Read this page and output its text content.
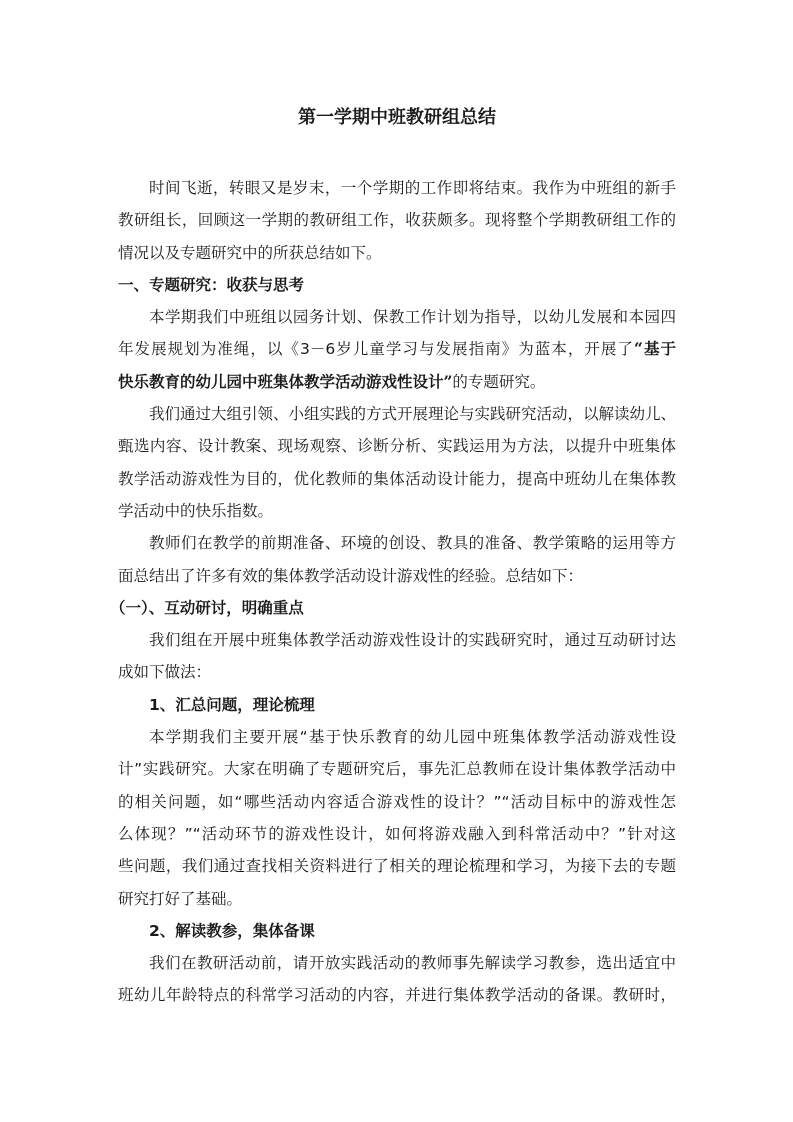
第一学期中班教研组总结
时间飞逝，转眼又是岁末，一个学期的工作即将结束。我作为中班组的新手
教研组长，回顾这一学期的教研组工作，收获颇多。现将整个学期教研组工作的
情况以及专题研究中的所获总结如下。
一、专题研究：收获与思考
本学期我们中班组以园务计划、保教工作计划为指导，以幼儿发展和本园四
年发展规划为准绳，以《3－6岁儿童学习与发展指南》为蓝本，开展了“基于
快乐教育的幼儿园中班集体教学活动游戏性设计”的专题研究。
我们通过大组引领、小组实践的方式开展理论与实践研究活动，以解读幼儿、
甄选内容、设计教案、现场观察、诊断分析、实践运用为方法，以提升中班集体
教学活动游戏性为目的，优化教师的集体活动设计能力，提高中班幼儿在集体教
学活动中的快乐指数。
教师们在教学的前期准备、环境的创设、教具的准备、教学策略的运用等方
面总结出了许多有效的集体教学活动设计游戏性的经验。总结如下：
（一）、互动研讨，明确重点
我们组在开展中班集体教学活动游戏性设计的实践研究时，通过互动研讨达
成如下做法：
1、汇总问题，理论梳理
本学期我们主要开展“基于快乐教育的幼儿园中班集体教学活动游戏性设
计”实践研究。大家在明确了专题研究后，事先汇总教师在设计集体教学活动中
的相关问题，如“哪些活动内容适合游戏性的设计？”“活动目标中的游戏性怎
么体现？”“活动环节的游戏性设计，如何将游戏融入到科常活动中？”针对这
些问题，我们通过查找相关资料进行了相关的理论梳理和学习，为接下去的专题
研究打好了基础。
2、解读教参，集体备课
我们在教研活动前，请开放实践活动的教师事先解读学习教参，选出适宜中
班幼儿年龄特点的科常学习活动的内容，并进行集体教学活动的备课。教研时，
